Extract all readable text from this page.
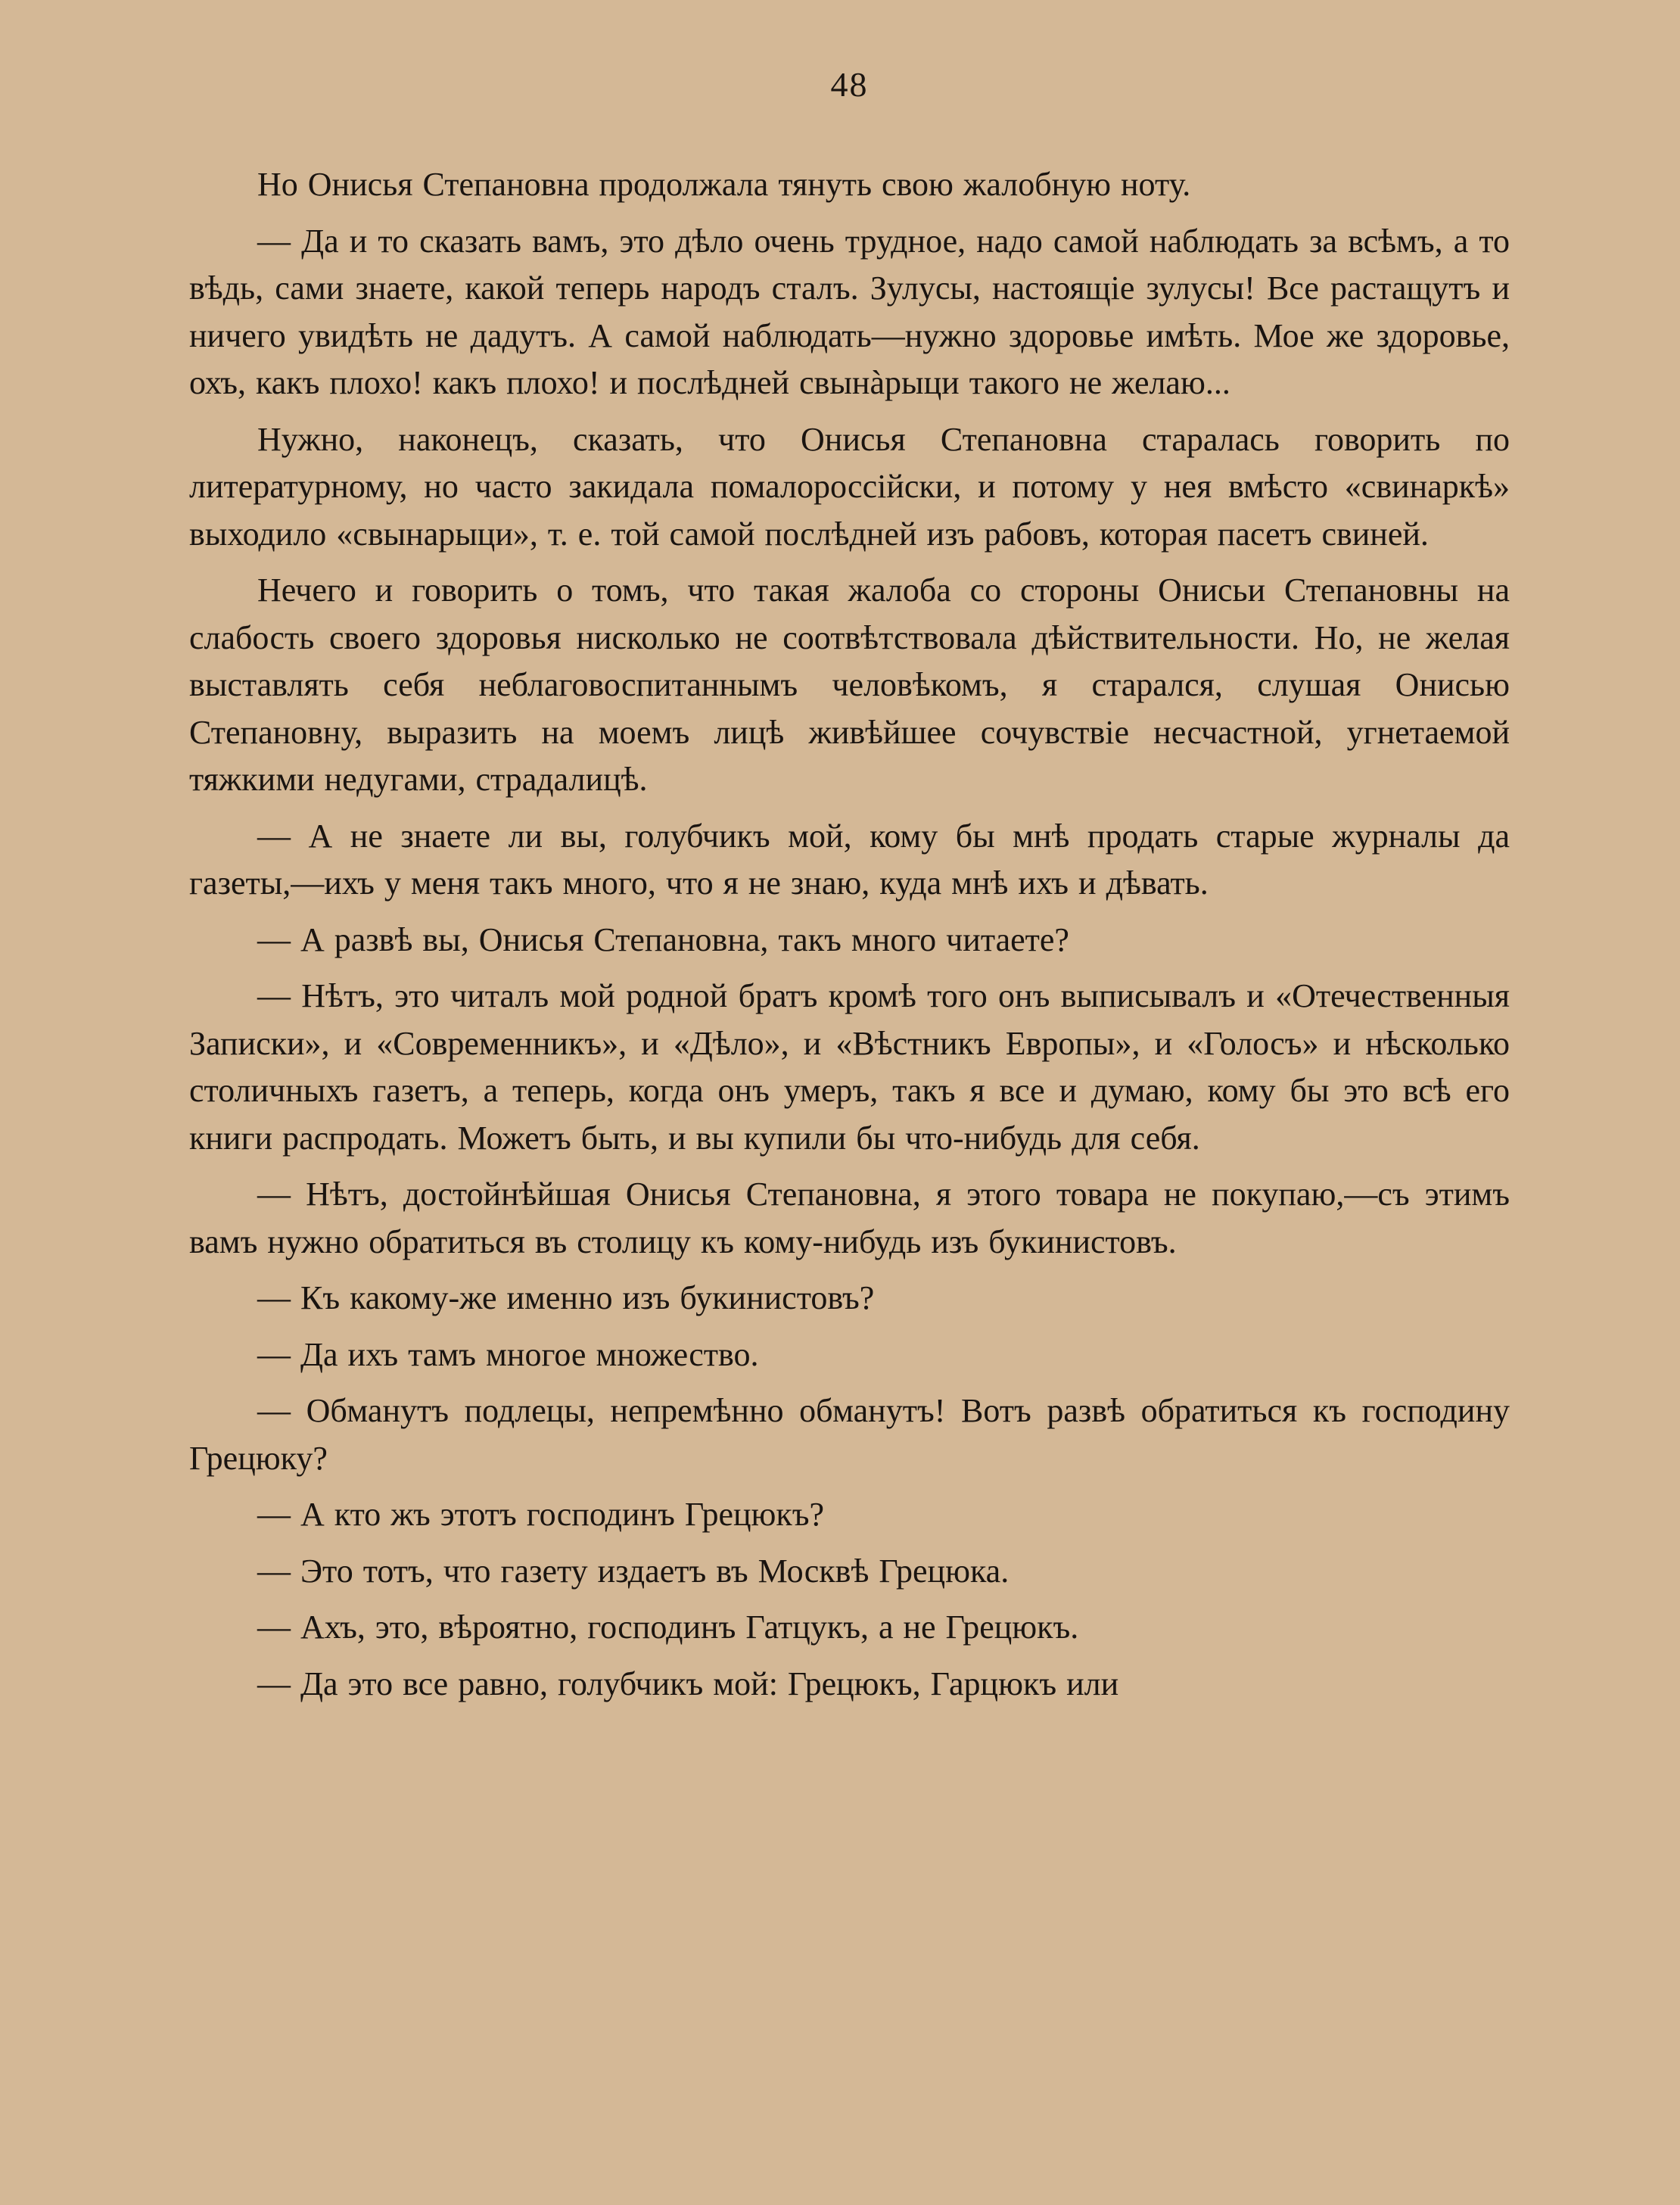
48

Но Онисья Степановна продолжала тянуть свою жалобную ноту.

— Да и то сказать вамъ, это дѣло очень трудное, надо самой наблюдать за всѣмъ, а то вѣдь, сами знаете, какой теперь народъ сталъ. Зулусы, настоящіе зулусы! Все растащутъ и ничего увидѣть не дадутъ. А самой наблюдать—нужно здоровье имѣть. Мое же здоровье, охъ, какъ плохо! какъ плохо! и послѣдней свынàрыци такого не желаю...

Нужно, наконецъ, сказать, что Онисья Степановна старалась говорить по литературному, но часто закидала помалороссійски, и потому у нея вмѣсто «свинаркѣ» выходило «свынарыци», т. е. той самой послѣдней изъ рабовъ, которая пасетъ свиней.

Нечего и говорить о томъ, что такая жалоба со стороны Онисьи Степановны на слабость своего здоровья нисколько не соотвѣтствовала дѣйствительности. Но, не желая выставлять себя неблаговоспитаннымъ человѣкомъ, я старался, слушая Онисью Степановну, выразить на моемъ лицѣ живѣйшее сочувствіе несчастной, угнетаемой тяжкими недугами, страдалицѣ.

— А не знаете ли вы, голубчикъ мой, кому бы мнѣ продать старые журналы да газеты,—ихъ у меня такъ много, что я не знаю, куда мнѣ ихъ и дѣвать.

— А развѣ вы, Онисья Степановна, такъ много читаете?

— Нѣтъ, это читалъ мой родной братъ кромѣ того онъ выписывалъ и «Отечественныя Записки», и «Современникъ», и «Дѣло», и «Вѣстникъ Европы», и «Голосъ» и нѣсколько столичныхъ газетъ, а теперь, когда онъ умеръ, такъ я все и думаю, кому бы это всѣ его книги распродать. Можетъ быть, и вы купили бы что-нибудь для себя.

— Нѣтъ, достойнѣйшая Онисья Степановна, я этого товара не покупаю,—съ этимъ вамъ нужно обратиться въ столицу къ кому-нибудь изъ букинистовъ.

— Къ какому-же именно изъ букинистовъ?

— Да ихъ тамъ многое множество.

— Обманутъ подлецы, непремѣнно обманутъ! Вотъ развѣ обратиться къ господину Грецюку?

— А кто жъ этотъ господинъ Грецюкъ?

— Это тотъ, что газету издаетъ въ Москвѣ Грецюка.

— Ахъ, это, вѣроятно, господинъ Гатцукъ, а не Грецюкъ.

— Да это все равно, голубчикъ мой: Грецюкъ, Гарцюкъ или
